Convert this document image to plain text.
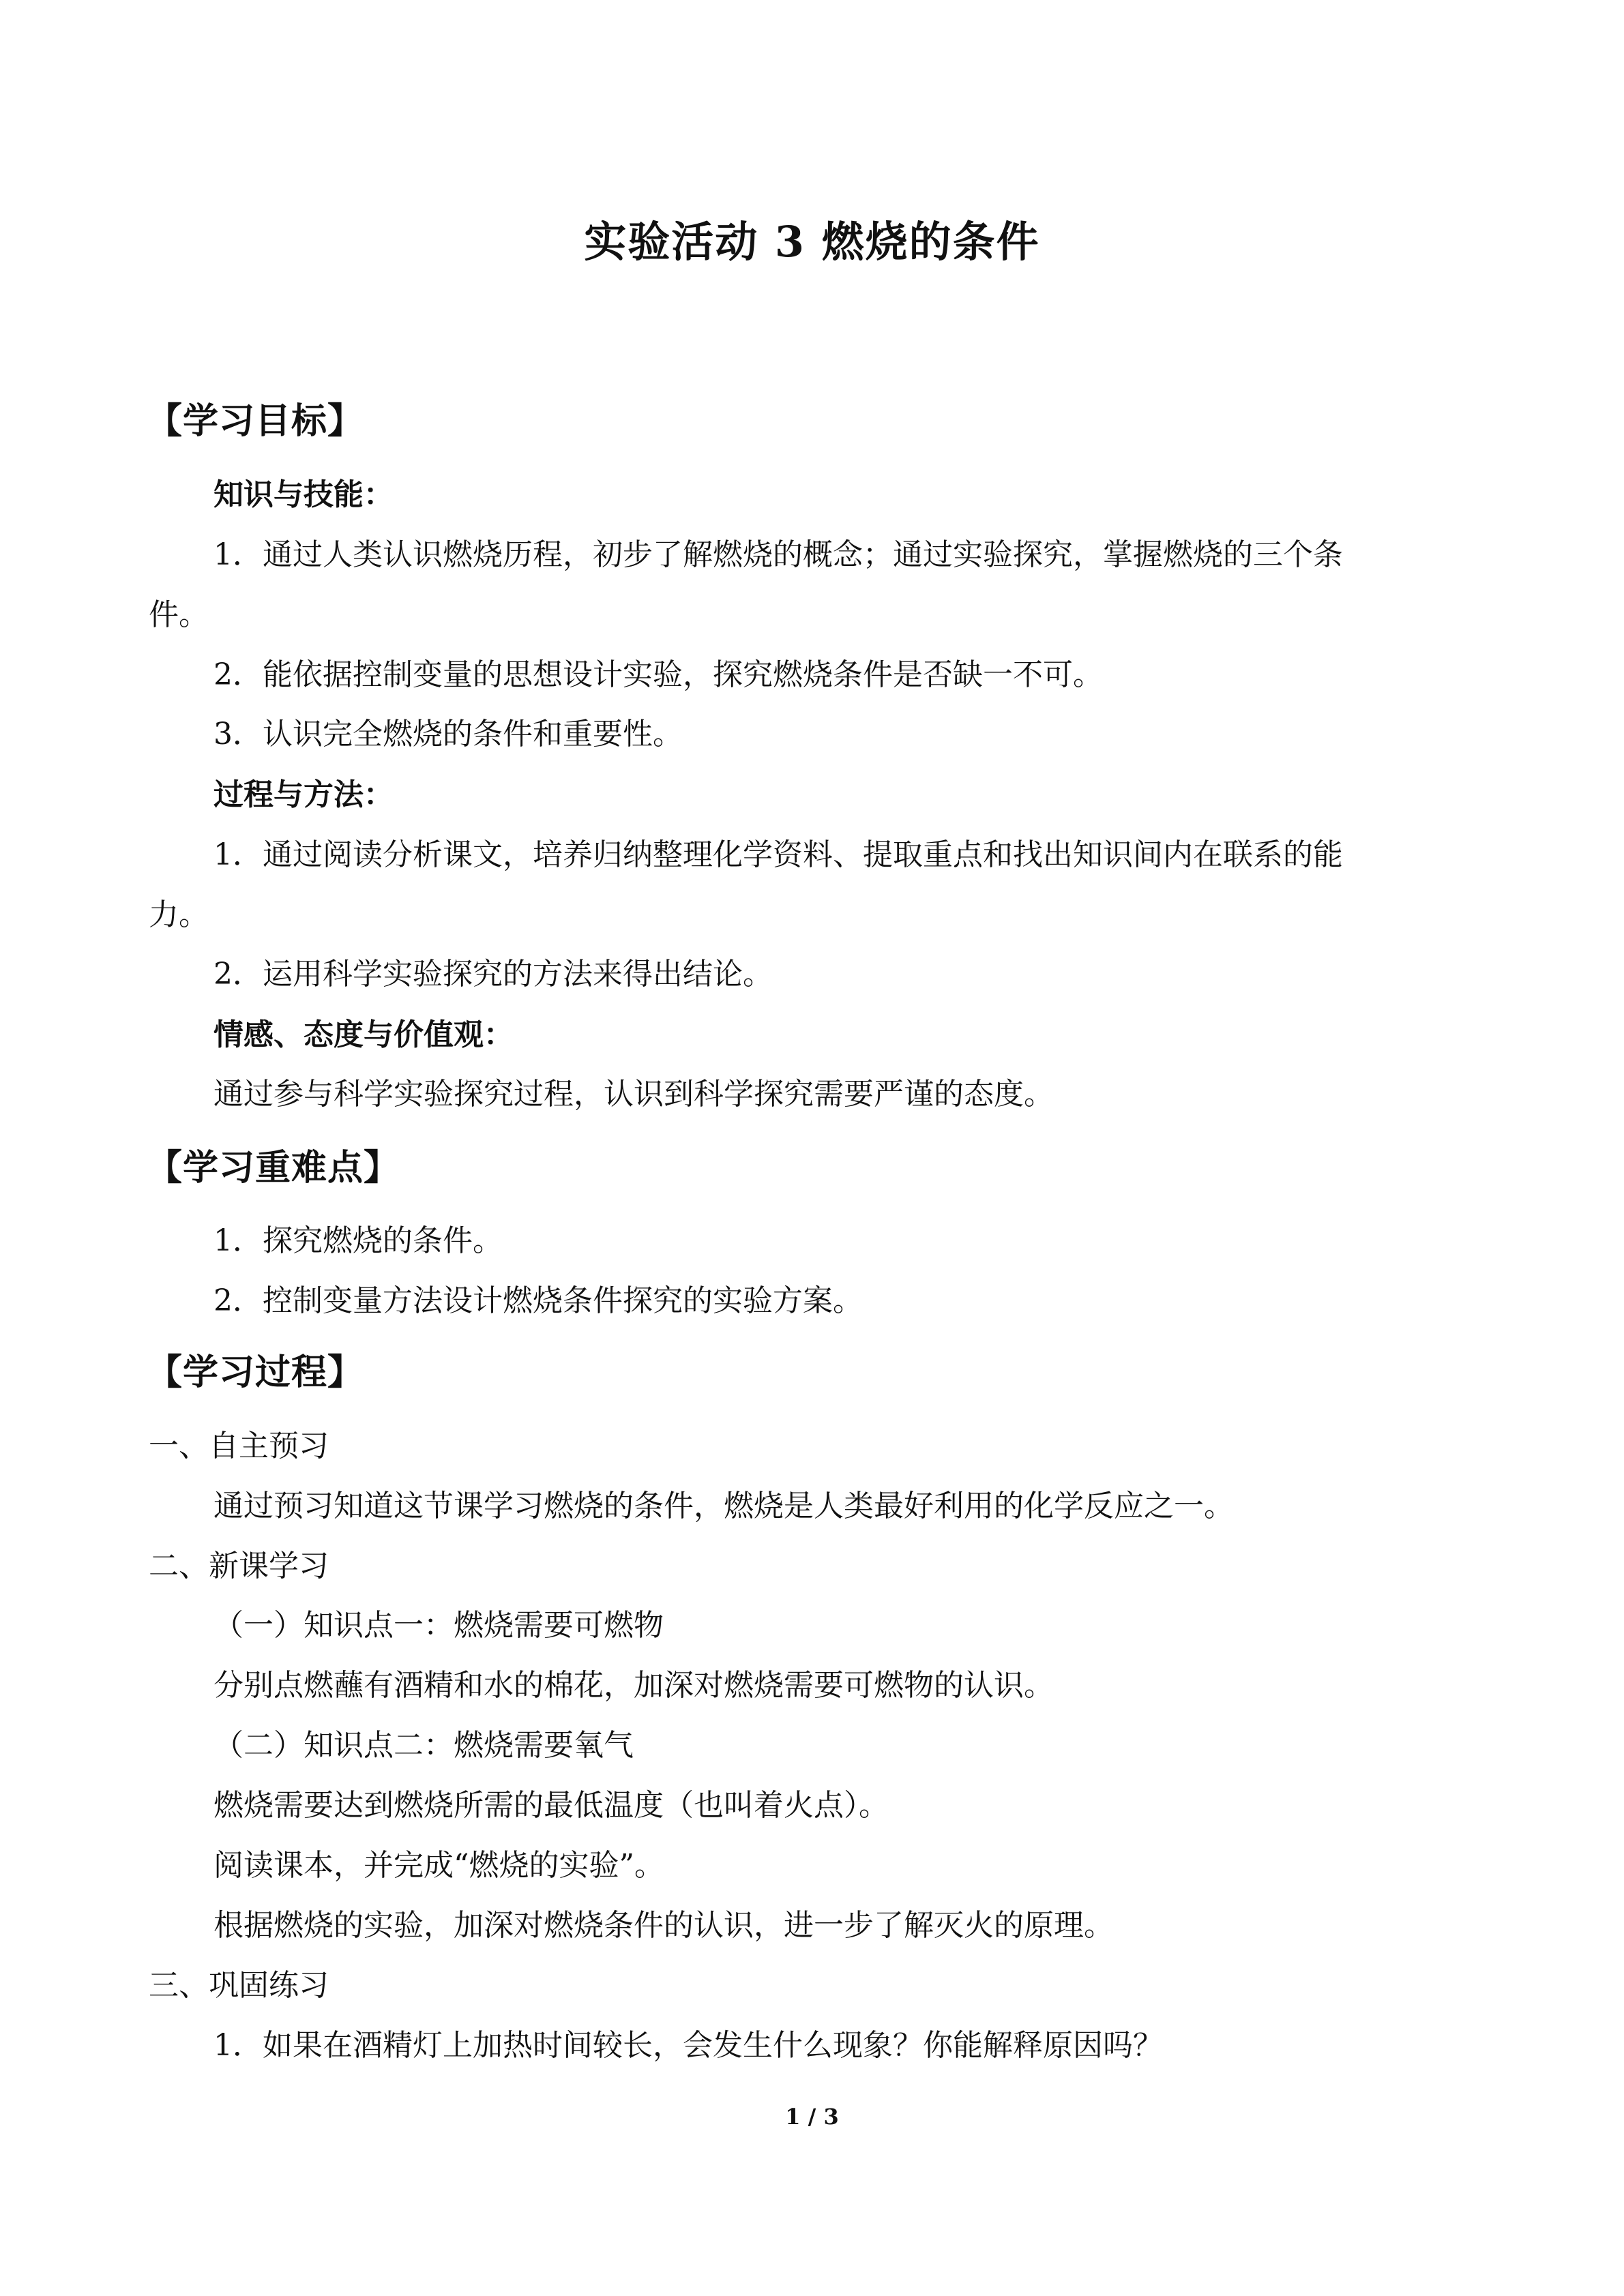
实验活动 3 燃烧的条件
【学习目标】
知识与技能：
1．通过人类认识燃烧历程，初步了解燃烧的概念；通过实验探究，掌握燃烧的三个条
件。
2．能依据控制变量的思想设计实验，探究燃烧条件是否缺一不可。
3．认识完全燃烧的条件和重要性。
过程与方法：
1．通过阅读分析课文，培养归纳整理化学资料、提取重点和找出知识间内在联系的能
力。
2．运用科学实验探究的方法来得出结论。
情感、态度与价值观：
通过参与科学实验探究过程，认识到科学探究需要严谨的态度。
【学习重难点】
1．探究燃烧的条件。
2．控制变量方法设计燃烧条件探究的实验方案。
【学习过程】
一、自主预习
通过预习知道这节课学习燃烧的条件，燃烧是人类最好利用的化学反应之一。
二、新课学习
（一）知识点一：燃烧需要可燃物
分别点燃蘸有酒精和水的棉花，加深对燃烧需要可燃物的认识。
（二）知识点二：燃烧需要氧气
燃烧需要达到燃烧所需的最低温度（也叫着火点）。
阅读课本，并完成“燃烧的实验”。
根据燃烧的实验，加深对燃烧条件的认识，进一步了解灭火的原理。
三、巩固练习
1．如果在酒精灯上加热时间较长，会发生什么现象？你能解释原因吗？
1 / 3
